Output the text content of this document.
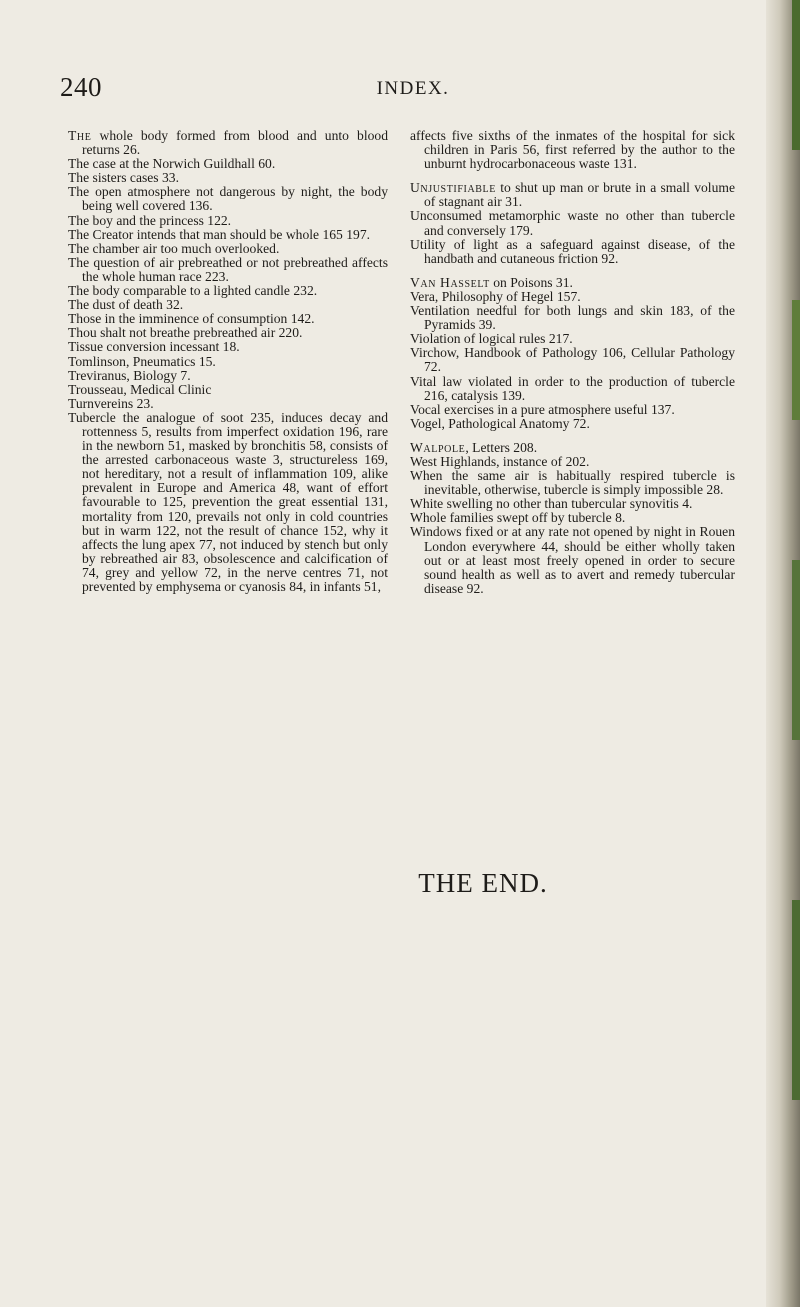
240	INDEX.

The whole body formed from blood and unto blood returns 26.

The case at the Norwich Guildhall 60.

The sisters cases 33.

The open atmosphere not dangerous by night, the body being well covered 136.

The boy and the princess 122.

The Creator intends that man should be whole 165 197.

The chamber air too much overlooked.

The question of air prebreathed or not prebreathed affects the whole human race 223.

The body comparable to a lighted candle 232.

The dust of death 32.

Those in the imminence of consumption 142.

Thou shalt not breathe prebreathed air 220.

Tissue conversion incessant 18.

Tomlinson, Pneumatics 15.

Treviranus, Biology 7.

Trousseau, Medical Clinic

Turnvereins 23.

Tubercle the analogue of soot 235, induces decay and rottenness 5, results from imperfect oxidation 196, rare in the newborn 51, masked by bronchitis 58, consists of the arrested carbonaceous waste 3, structureless 169, not hereditary, not a result of inflammation 109, alike prevalent in Europe and America 48, want of effort favourable to 125, prevention the great essential 131, mortality from 120, prevails not only in cold countries but in warm 122, not the result of chance 152, why it affects the lung apex 77, not induced by stench but only by rebreathed air 83, obsolescence and calcification of 74, grey and yellow 72, in the nerve centres 71, not prevented by emphysema or cyanosis 84, in infants 51,

affects five sixths of the inmates of the hospital for sick children in Paris 56, first referred by the author to the unburnt hydrocarbonaceous waste 131.

Unjustifiable to shut up man or brute in a small volume of stagnant air 31.

Unconsumed metamorphic waste no other than tubercle and conversely 179.

Utility of light as a safeguard against disease, of the handbath and cutaneous friction 92.

Van Hasselt on Poisons 31.

Vera, Philosophy of Hegel 157.

Ventilation needful for both lungs and skin 183, of the Pyramids 39.

Violation of logical rules 217.

Virchow, Handbook of Pathology 106, Cellular Pathology 72.

Vital law violated in order to the production of tubercle 216, catalysis 139.

Vocal exercises in a pure atmosphere useful 137.

Vogel, Pathological Anatomy 72.

Walpole, Letters 208.

West Highlands, instance of 202.

When the same air is habitually respired tubercle is inevitable, otherwise, tubercle is simply impossible 28.

White swelling no other than tubercular synovitis 4.

Whole families swept off by tubercle 8.

Windows fixed or at any rate not opened by night in Rouen London everywhere 44, should be either wholly taken out or at least most freely opened in order to secure sound health as well as to avert and remedy tubercular disease 92.

THE END.
